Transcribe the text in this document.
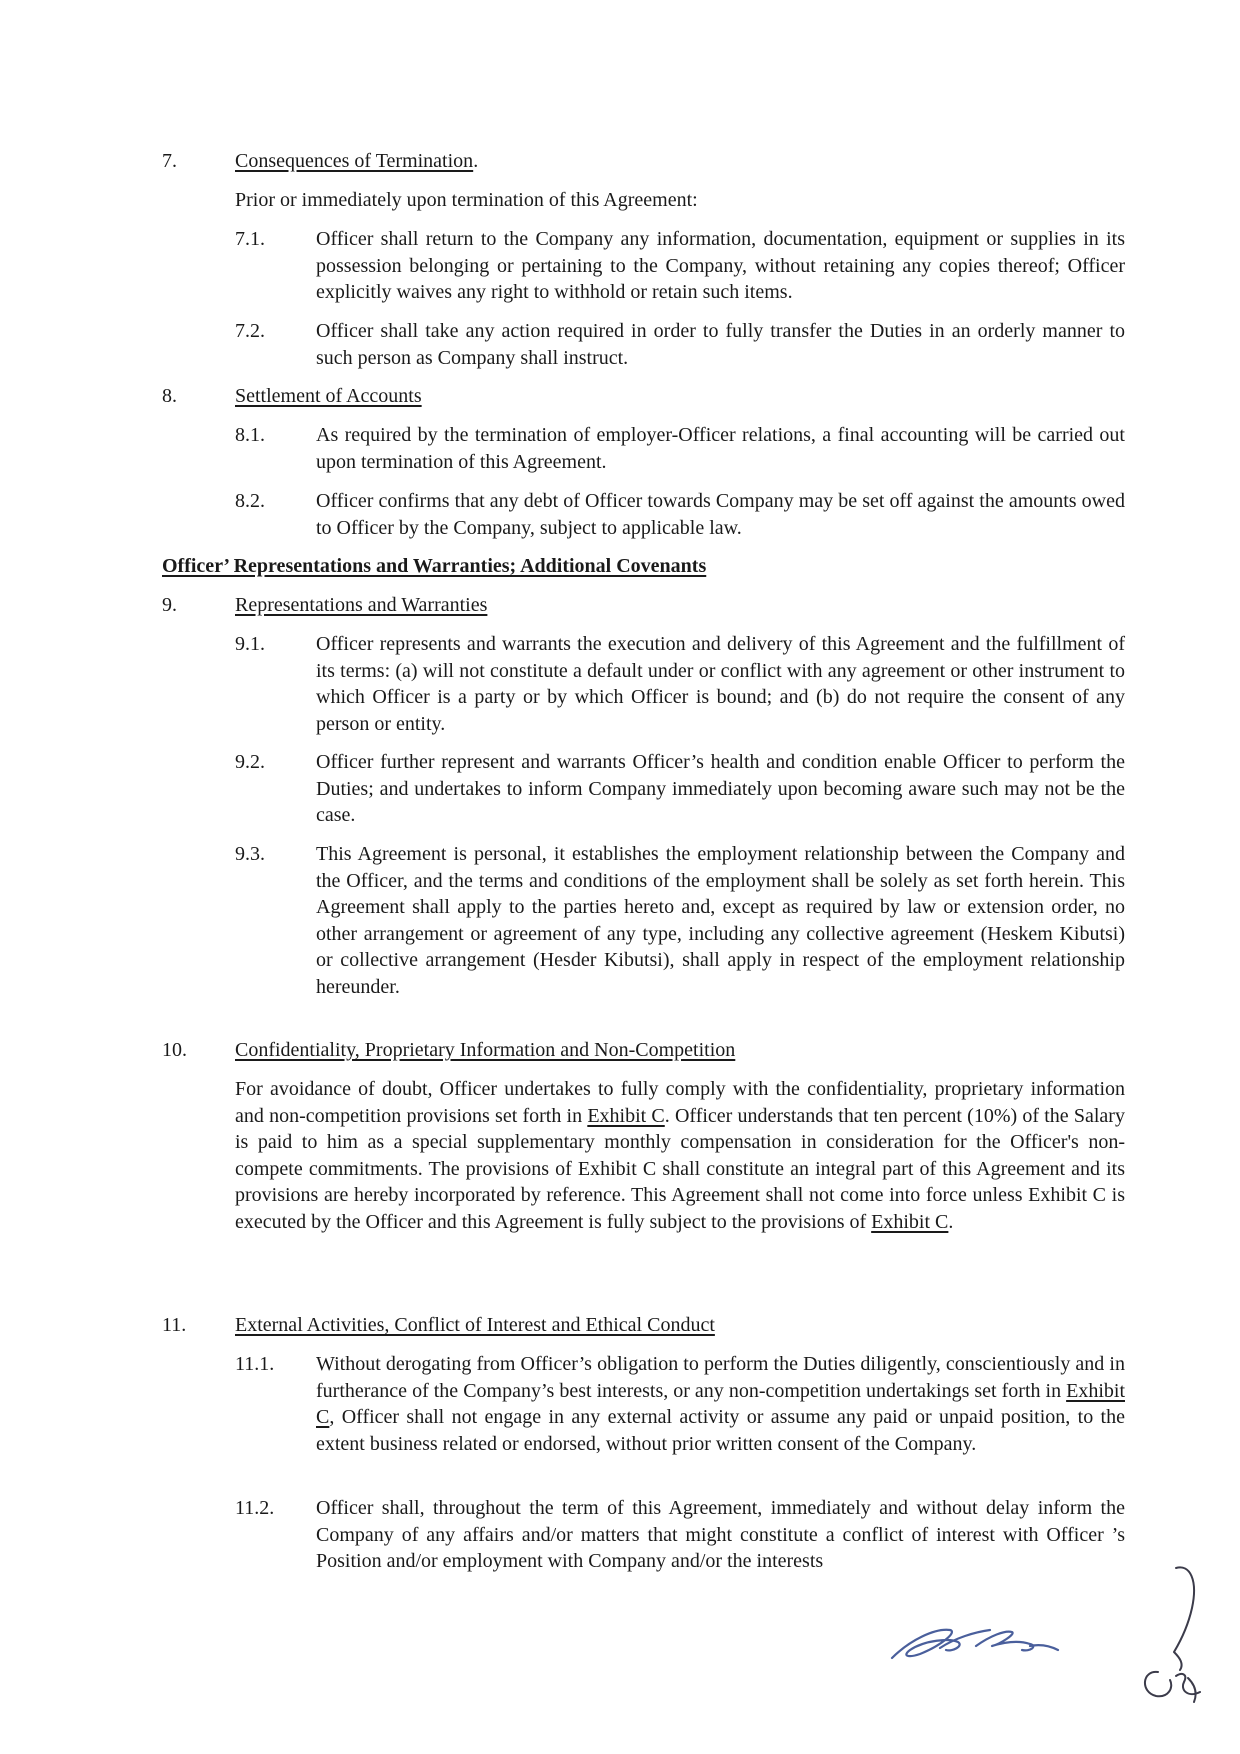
7.	Consequences of Termination.
Prior or immediately upon termination of this Agreement:
7.1.	Officer shall return to the Company any information, documentation, equipment or supplies in its possession belonging or pertaining to the Company, without retaining any copies thereof; Officer explicitly waives any right to withhold or retain such items.
7.2.	Officer shall take any action required in order to fully transfer the Duties in an orderly manner to such person as Company shall instruct.
8.	Settlement of Accounts
8.1.	As required by the termination of employer-Officer relations, a final accounting will be carried out upon termination of this Agreement.
8.2.	Officer confirms that any debt of Officer towards Company may be set off against the amounts owed to Officer by the Company, subject to applicable law.
Officer’ Representations and Warranties; Additional Covenants
9.	Representations and Warranties
9.1.	Officer represents and warrants the execution and delivery of this Agreement and the fulfillment of its terms: (a) will not constitute a default under or conflict with any agreement or other instrument to which Officer is a party or by which Officer is bound; and (b) do not require the consent of any person or entity.
9.2.	Officer further represent and warrants Officer’s health and condition enable Officer to perform the Duties; and undertakes to inform Company immediately upon becoming aware such may not be the case.
9.3.	This Agreement is personal, it establishes the employment relationship between the Company and the Officer, and the terms and conditions of the employment shall be solely as set forth herein. This Agreement shall apply to the parties hereto and, except as required by law or extension order, no other arrangement or agreement of any type, including any collective agreement (Heskem Kibutsi) or collective arrangement (Hesder Kibutsi), shall apply in respect of the employment relationship hereunder.
10. Confidentiality, Proprietary Information and Non-Competition
For avoidance of doubt, Officer undertakes to fully comply with the confidentiality, proprietary information and non-competition provisions set forth in Exhibit C. Officer understands that ten percent (10%) of the Salary is paid to him as a special supplementary monthly compensation in consideration for the Officer's non-compete commitments. The provisions of Exhibit C shall constitute an integral part of this Agreement and its provisions are hereby incorporated by reference. This Agreement shall not come into force unless Exhibit C is executed by the Officer and this Agreement is fully subject to the provisions of Exhibit C.
11. External Activities, Conflict of Interest and Ethical Conduct
11.1. Without derogating from Officer’s obligation to perform the Duties diligently, conscientiously and in furtherance of the Company’s best interests, or any non-competition undertakings set forth in Exhibit C, Officer shall not engage in any external activity or assume any paid or unpaid position, to the extent business related or endorsed, without prior written consent of the Company.
11.2. Officer shall, throughout the term of this Agreement, immediately and without delay inform the Company of any affairs and/or matters that might constitute a conflict of interest with Officer ’s Position and/or employment with Company and/or the interests
